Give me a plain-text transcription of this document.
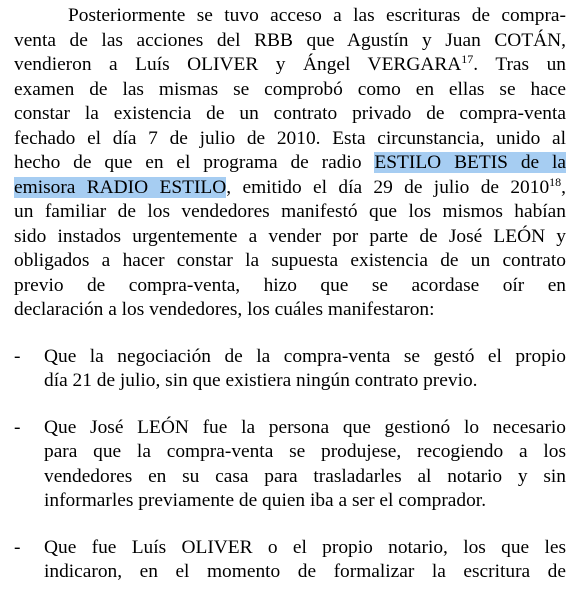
Posteriormente se tuvo acceso a las escrituras de compra-
venta de las acciones del RBB que Agustín y Juan COTÁN,
vendieron a Luís OLIVER y Ángel VERGARA$^{17}$. Tras un
examen de las mismas se comprobó como en ellas se hace
constar la existencia de un contrato privado de compra-venta
fechado el día 7 de julio de 2010. Esta circunstancia, unido al
hecho de que en el programa de radio ESTILO BETIS de la
emisora RADIO ESTILO, emitido el día 29 de julio de 2010$^{18}$,
un familiar de los vendedores manifestó que los mismos habían
sido instados urgentemente a vender por parte de José LEÓN y
obligados a hacer constar la supuesta existencia de un contrato
previo de compra-venta, hizo que se acordase oír en
declaración a los vendedores, los cuáles manifestaron:
-	Que la negociación de la compra-venta se gestó el propio
día 21 de julio, sin que existiera ningún contrato previo.
-	Que José LEÓN fue la persona que gestionó lo necesario
para que la compra-venta se produjese, recogiendo a los
vendedores en su casa para trasladarles al notario y sin
informarles previamente de quien iba a ser el comprador.
-	Que fue Luís OLIVER o el propio notario, los que les
indicaron, en el momento de formalizar la escritura de
